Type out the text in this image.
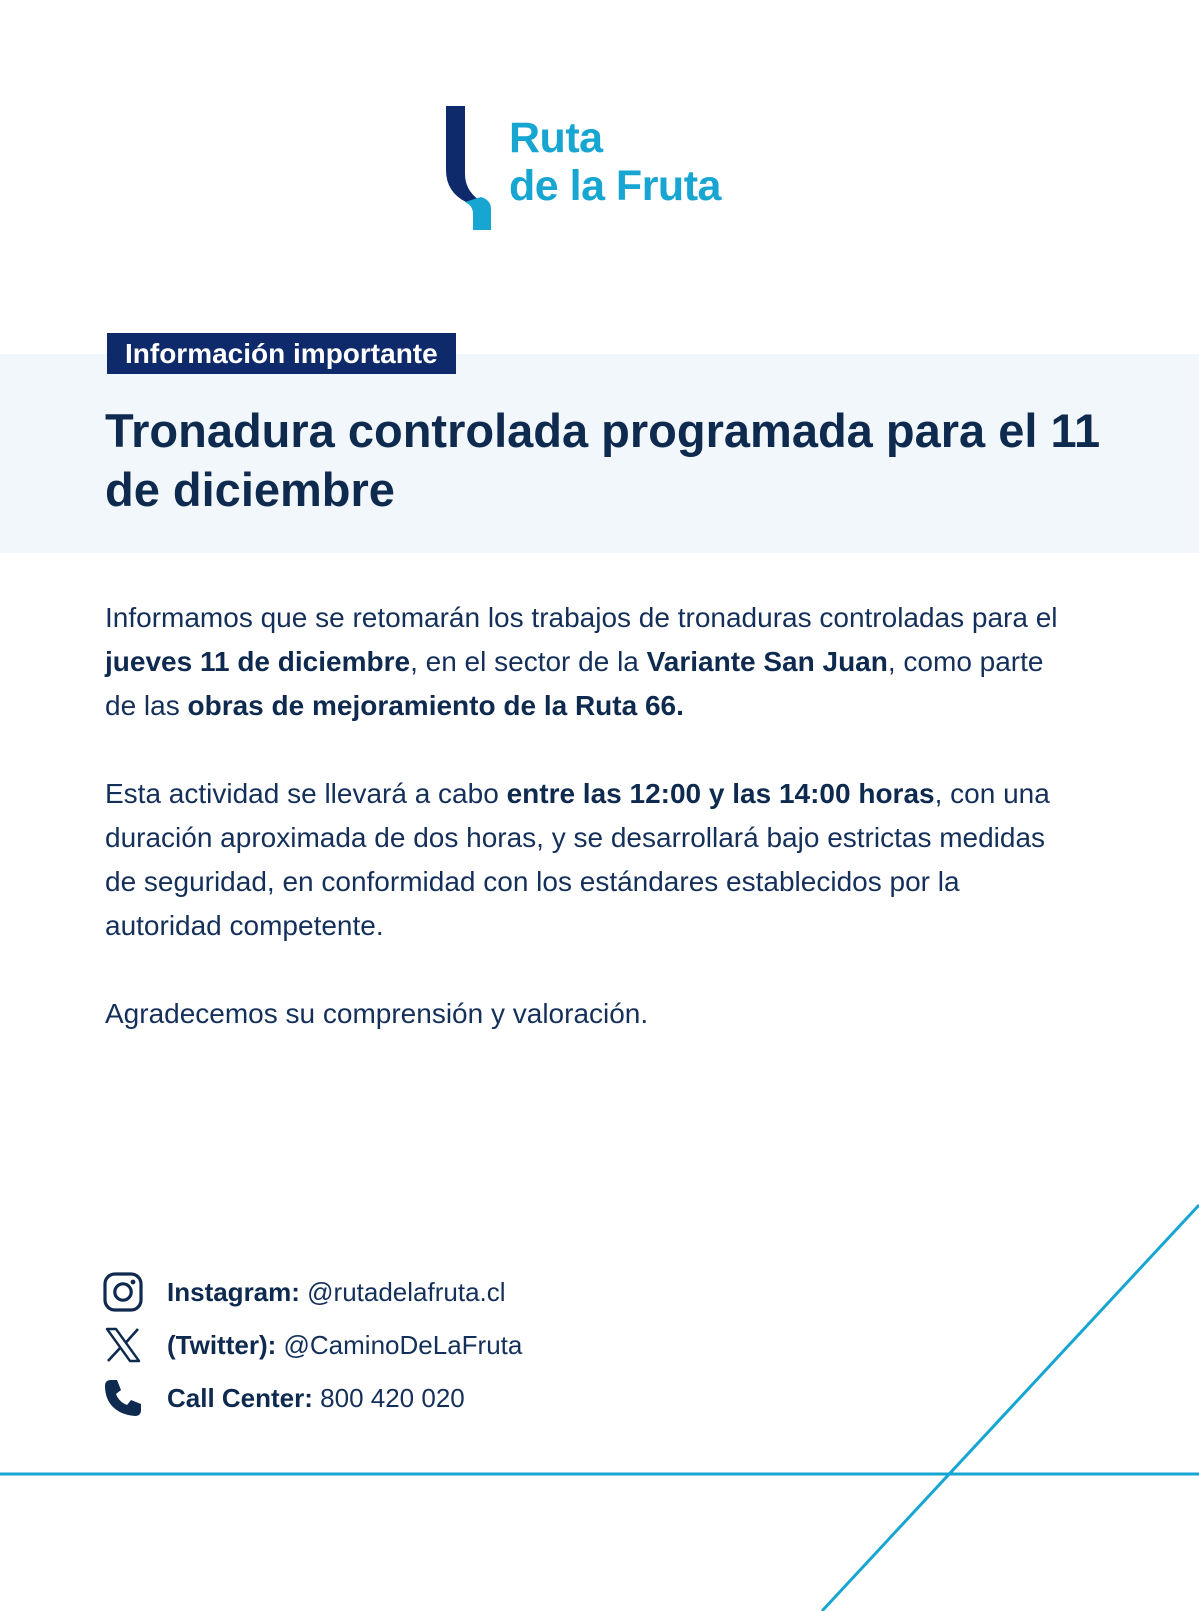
Ruta
de la Fruta
Información importante
Tronadura controlada programada para el 11 de diciembre

Informamos que se retomarán los trabajos de tronaduras controladas para el jueves 11 de diciembre, en el sector de la Variante San Juan, como parte de las obras de mejoramiento de la Ruta 66.

Esta actividad se llevará a cabo entre las 12:00 y las 14:00 horas, con una duración aproximada de dos horas, y se desarrollará bajo estrictas medidas de seguridad, en conformidad con los estándares establecidos por la autoridad competente.

Agradecemos su comprensión y valoración.

Instagram: @rutadelafruta.cl
(Twitter): @CaminoDeLaFruta
Call Center: 800 420 020
